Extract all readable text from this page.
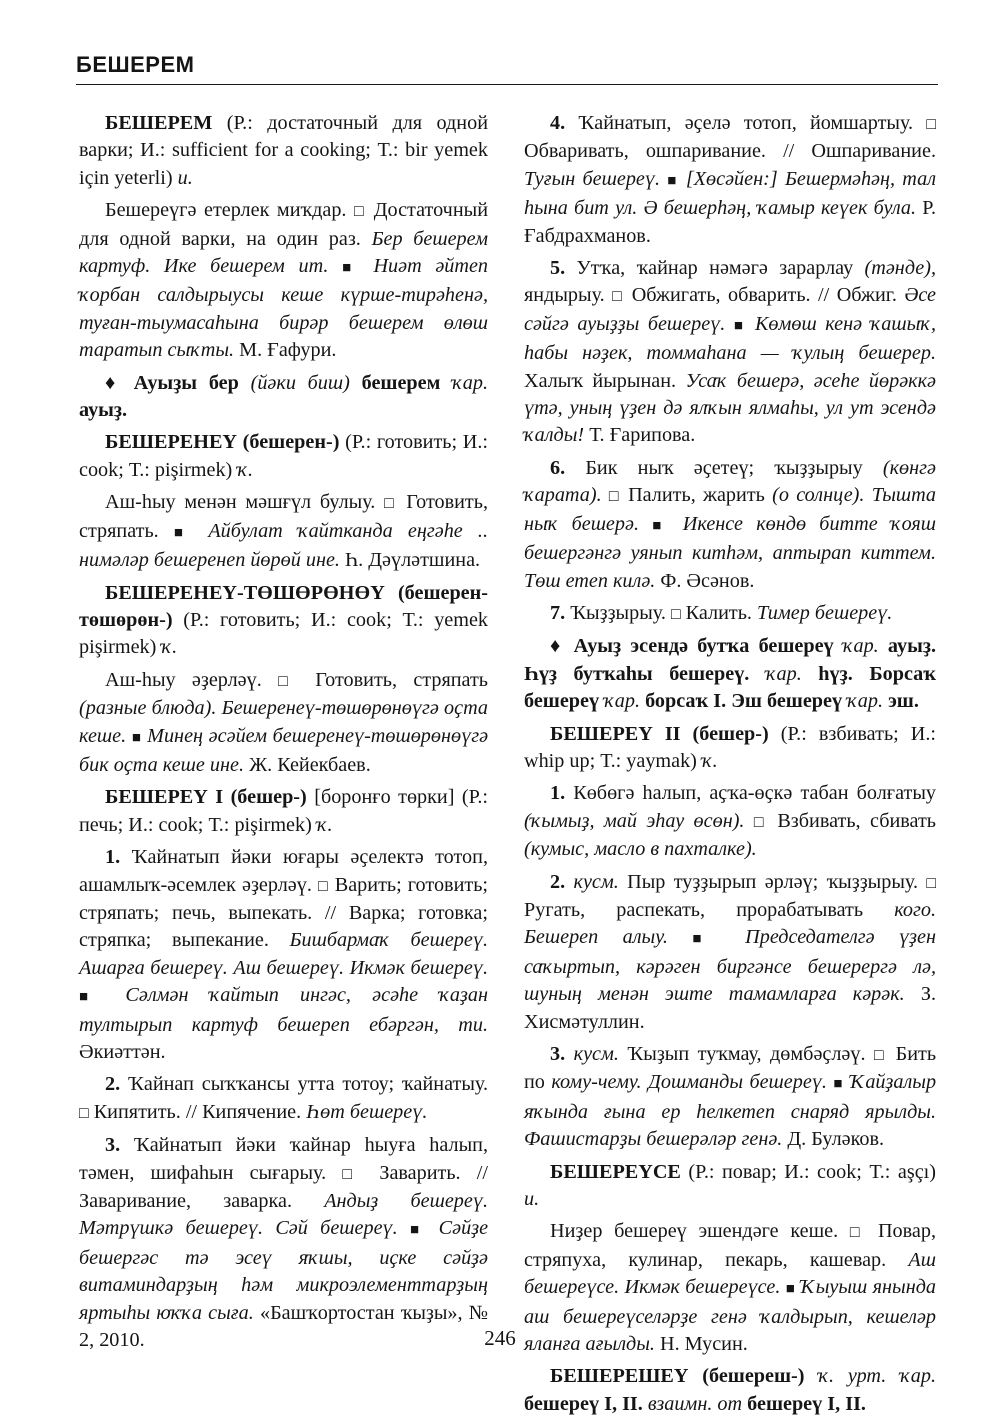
БЕШЕРЕМ

БЕШЕРЕМ (Р.: достаточный для одной варки; И.: sufficient for a cooking; Т.: bir yemek için yeterli) и.

Бешереүгә етерлек миҡдар. □ Достаточный для одной варки, на один раз. Бер бешерем картуф. Ике бешерем ит. ■ Ниәт әйтеп ҡорбан салдырыусы кеше күрше-тирәһенә, туған-тыумасаһына бирәр бешерем өлөш таратып сыҡты. М. Ғафури.

♦ Ауыҙы бер (йәки биш) бешерем ҡар. ауыҙ.

БЕШЕРЕНЕҮ (бешерен-) (Р.: готовить; И.: cook; Т.: pişirmek) ҡ.

Аш-һыу менән мәшғүл булыу. □ Готовить, стряпать. ■ Айбулат ҡайтканда еңгәһе .. нимәләр бешеренеп йөрөй ине. Һ. Дәүләтшина.

БЕШЕРЕНЕҮ-ТӨШӨРӨНӨҮ (бешерен-төшөрөн-) (Р.: готовить; И.: cook; Т.: yemek pişirmek) ҡ.

Аш-һыу әҙерләү. □ Готовить, стряпать (разные блюда). Бешеренеү-төшөрөнөүгә оҫта кеше. ■ Минең әсәйем бешеренеү-төшөрөнөүгә бик оҫта кеше ине. Ж. Кейекбаев.

БЕШЕРЕҮ I (бешер-) [боронғо төрки] (Р.: печь; И.: cook; Т.: pişirmek) ҡ.

1. Ҡайнатып йәки юғары әҫелектә тотоп, ашамлыҡ-әсемлек әҙерләү. □ Варить; готовить; стряпать; печь, выпекать. // Варка; готовка; стряпка; выпекание. Бишбармаҡ бешереү. Ашарға бешереү. Аш бешереү. Икмәк бешереү. ■ Сәлмән ҡайтып ингәс, әсәһе ҡаҙан тултырып картуф бешереп ебәргән, ти. Әкиәттән.

2. Ҡайнап сыҡҡансы утта тотоу; ҡайнатыу. □ Кипятить. // Кипячение. Һөт бешереү.

3. Ҡайнатып йәки ҡайнар һыуға һалып, тәмен, шифаһын сығарыу. □ Заварить. // Заваривание, заварка. Андыҙ бешереү. Мәтрүшкә бешереү. Сәй бешереү. ■ Сәйҙе бешергәс тә эсеү яҡшы, иҫке сәйҙә витаминдарҙың һәм микроэлементтарҙың яртыһы юҡҡа сыға. «Башҡортостан ҡыҙы», № 2, 2010.

4. Ҡайнатып, әҫелә тотоп, йомшартыу. □ Обваривать, ошпаривание. // Ошпаривание. Туғын бешереү. ■ [Хөсәйен:] Бешермәһәң, тал һына бит ул. Ә бешерһәң, ҡамыр кеүек була. Р. Ғабдрахманов.

5. Утҡа, ҡайнар нәмәгә зарарлау (тәнде), яндырыу. □ Обжигать, обварить. // Обжиг. Әсе сәйгә ауыҙҙы бешереү. ■ Көмөш кенә ҡашыҡ, һабы нәҙек, томмаһана — ҡулың бешерер. Халыҡ йырынан. Усаҡ бешерә, әсеһе йөрәккә үтә, уның үҙен дә ялҡын ялмаһы, ул ут эсендә ҡалды! Т. Ғарипова.

6. Бик ныҡ әҫетеү; ҡыҙҙырыу (көнгә ҡарата). □ Палить, жарить (о солнце). Тышта ныҡ бешерә. ■ Икенсе көндө битте ҡояш бешергәнгә уянып китһәм, аптырап киттем. Төш етеп килә. Ф. Әсәнов.

7. Ҡыҙҙырыу. □ Калить. Тимер бешереү.

♦ Ауыҙ эсендә бутҡа бешереү ҡар. ауыҙ. Һүҙ бутҡаһы бешереү. ҡар. һүҙ. Борсаҡ бешереү ҡар. борсаҡ I. Эш бешереү ҡар. эш.

БЕШЕРЕҮ II (бешер-) (Р.: взбивать; И.: whip up; Т.: yaymak) ҡ.

1. Көбөгә һалып, аҫҡа-өҫкә табан болғатыу (ҡымыҙ, май эһау өсөн). □ Взбивать, сбивать (кумыс, масло в пахталке).

2. кусм. Пыр туҙҙырып әрләү; ҡыҙҙырыу. □ Ругать, распекать, прорабатывать кого. Бешереп алыу. ■ Председателгә үҙен саҡыртып, кәрәген биргәнсе бешерергә лә, шуның менән эште тамамларға кәрәк. З. Хисмәтуллин.

3. кусм. Ҡыҙып туҡмау, дөмбәҫләү. □ Бить по кому-чему. Дошманды бешереү. ■ Ҡайҙалыр яҡында ғына ер һелкетеп снаряд ярылды. Фашистарҙы бешерәләр генә. Д. Буләков.

БЕШЕРЕҮСЕ (Р.: повар; И.: cook; Т.: aşçı) и.

Ниҙер бешереү эшендәге кеше. □ Повар, стряпуха, кулинар, пекарь, кашевар. Аш бешереүсе. Икмәк бешереүсе. ■ Ҡыуыш янында аш бешереүселәрҙе генә ҡалдырып, кешеләр яланға ағылды. Н. Мусин.

БЕШЕРЕШЕҮ (бешереш-) ҡ. урт. ҡар. бешереү I, II. взаимн. от бешереү I, II.

246
